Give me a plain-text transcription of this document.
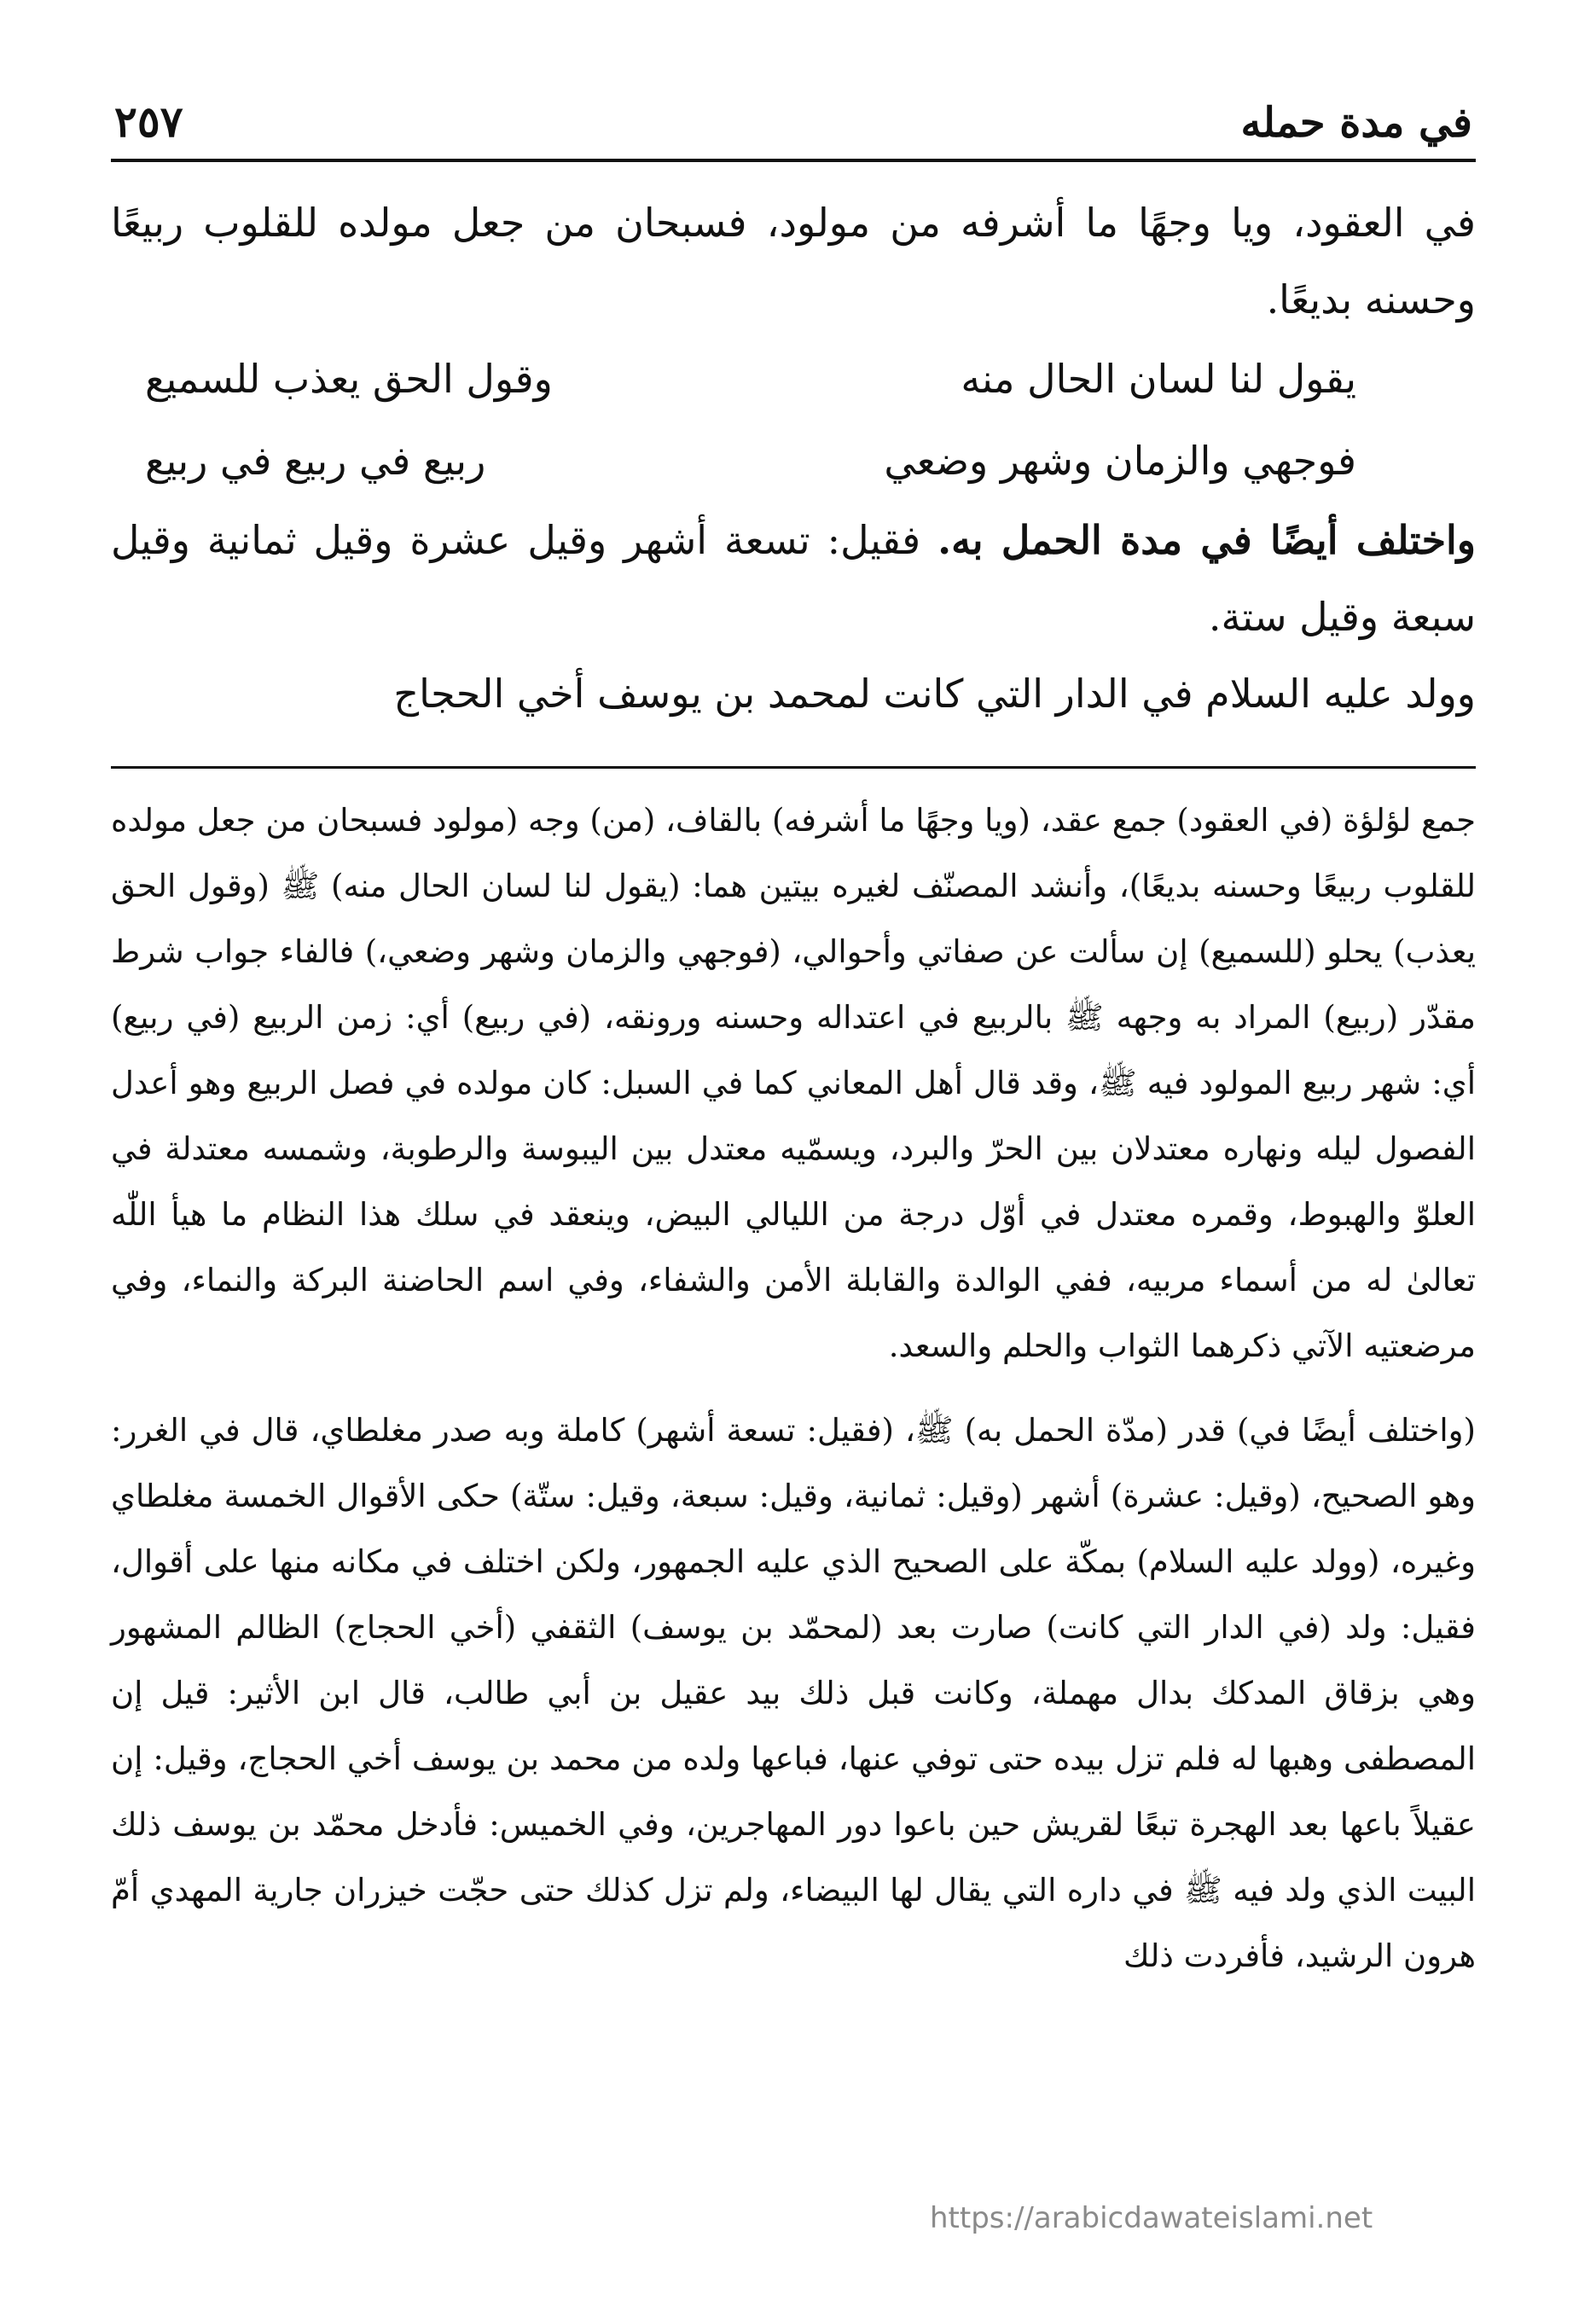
في مدة حمله
٢٥٧

في العقود، ويا وجهًا ما أشرفه من مولود، فسبحان من جعل مولده للقلوب ربيعًا وحسنه بديعًا.

يقول لنا لسان الحال منه
وقول الحق يعذب للسميع
فوجهي والزمان وشهر وضعي
ربيع في ربيع في ربيع

واختلف أيضًا في مدة الحمل به. فقيل: تسعة أشهر وقيل عشرة وقيل ثمانية وقيل سبعة وقيل ستة.

وولد عليه السلام في الدار التي كانت لمحمد بن يوسف أخي الحجاج

جمع لؤلؤة (في العقود) جمع عقد، (ويا وجهًا ما أشرفه) بالقاف، (من) وجه (مولود فسبحان من جعل مولده للقلوب ربيعًا وحسنه بديعًا)، وأنشد المصنّف لغيره بيتين هما: (يقول لنا لسان الحال منه) ﷺ (وقول الحق يعذب) يحلو (للسميع) إن سألت عن صفاتي وأحوالي، (فوجهي والزمان وشهر وضعي،) فالفاء جواب شرط مقدّر (ربيع) المراد به وجهه ﷺ بالربيع في اعتداله وحسنه ورونقه، (في ربيع) أي: زمن الربيع (في ربيع) أي: شهر ربيع المولود فيه ﷺ، وقد قال أهل المعاني كما في السبل: كان مولده في فصل الربيع وهو أعدل الفصول ليله ونهاره معتدلان بين الحرّ والبرد، ويسمّيه معتدل بين اليبوسة والرطوبة، وشمسه معتدلة في العلوّ والهبوط، وقمره معتدل في أوّل درجة من الليالي البيض، وينعقد في سلك هذا النظام ما هيأ اللّٰه تعالىٰ له من أسماء مربيه، ففي الوالدة والقابلة الأمن والشفاء، وفي اسم الحاضنة البركة والنماء، وفي مرضعتيه الآتي ذكرهما الثواب والحلم والسعد.

(واختلف أيضًا في) قدر (مدّة الحمل به) ﷺ، (فقيل: تسعة أشهر) كاملة وبه صدر مغلطاي، قال في الغرر: وهو الصحيح، (وقيل: عشرة) أشهر (وقيل: ثمانية، وقيل: سبعة، وقيل: ستّة) حكى الأقوال الخمسة مغلطاي وغيره، (وولد عليه السلام) بمكّة على الصحيح الذي عليه الجمهور، ولكن اختلف في مكانه منها على أقوال، فقيل: ولد (في الدار التي كانت) صارت بعد (لمحمّد بن يوسف) الثقفي (أخي الحجاج) الظالم المشهور وهي بزقاق المدكك بدال مهملة، وكانت قبل ذلك بيد عقيل بن أبي طالب، قال ابن الأثير: قيل إن المصطفى وهبها له فلم تزل بيده حتى توفي عنها، فباعها ولده من محمد بن يوسف أخي الحجاج، وقيل: إن عقيلاً باعها بعد الهجرة تبعًا لقريش حين باعوا دور المهاجرين، وفي الخميس: فأدخل محمّد بن يوسف ذلك البيت الذي ولد فيه ﷺ في داره التي يقال لها البيضاء، ولم تزل كذلك حتى حجّت خيزران جارية المهدي أمّ هرون الرشيد، فأفردت ذلك

https://arabicdawateislami.net
